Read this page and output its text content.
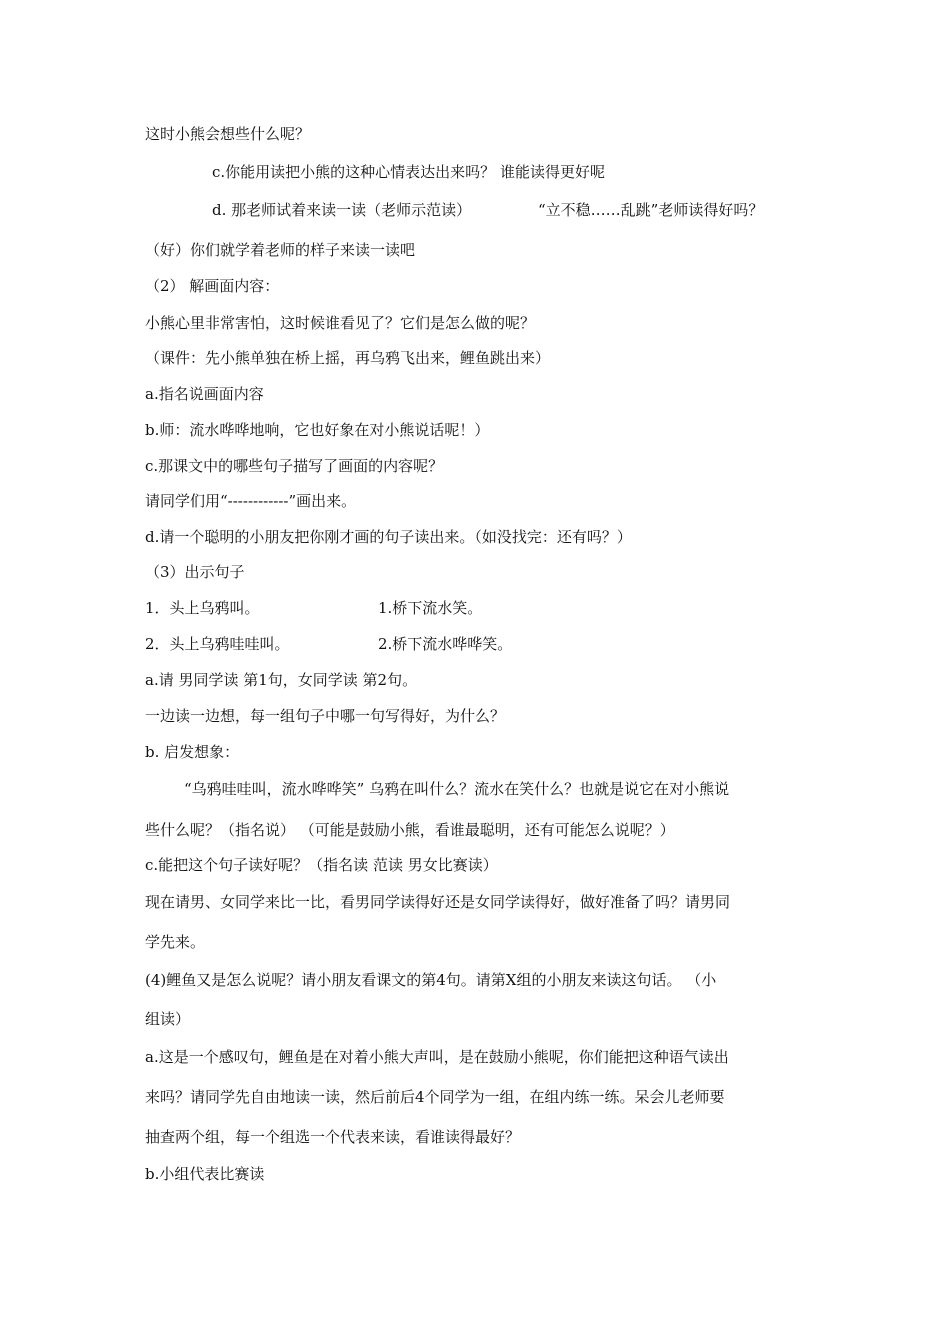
这时小熊会想些什么呢？
c.你能用读把小熊的这种心情表达出来吗？ 谁能读得更好呢
d. 那老师试着来读一读（老师示范读）	“立不稳……乱跳”老师读得好吗？
（好）你们就学着老师的样子来读一读吧
（2） 解画面内容：
小熊心里非常害怕，这时候谁看见了？它们是怎么做的呢？
（课件：先小熊单独在桥上摇，再乌鸦飞出来，鲤鱼跳出来）
a.指名说画面内容
b.师：流水哗哗地响，它也好象在对小熊说话呢！）
c.那课文中的哪些句子描写了画面的内容呢？
请同学们用“------------”画出来。
d.请一个聪明的小朋友把你刚才画的句子读出来。（如没找完：还有吗？）
（3）出示句子
1．头上乌鸦叫。	1.桥下流水笑。
2．头上乌鸦哇哇叫。	2.桥下流水哗哗笑。
a.请 男同学读 第1句，女同学读 第2句。
一边读一边想，每一组句子中哪一句写得好，为什么？
b. 启发想象：
“乌鸦哇哇叫，流水哗哗笑” 乌鸦在叫什么？流水在笑什么？也就是说它在对小熊说
些什么呢？（指名说） （可能是鼓励小熊，看谁最聪明，还有可能怎么说呢？）
c.能把这个句子读好呢？（指名读 范读 男女比赛读）
现在请男、女同学来比一比，看男同学读得好还是女同学读得好，做好准备了吗？请男同
学先来。
(4)鲤鱼又是怎么说呢？请小朋友看课文的第4句。请第X组的小朋友来读这句话。 （小
组读）
a.这是一个感叹句，鲤鱼是在对着小熊大声叫，是在鼓励小熊呢，你们能把这种语气读出
来吗？请同学先自由地读一读，然后前后4个同学为一组，在组内练一练。呆会儿老师要
抽查两个组，每一个组选一个代表来读，看谁读得最好？
b.小组代表比赛读
